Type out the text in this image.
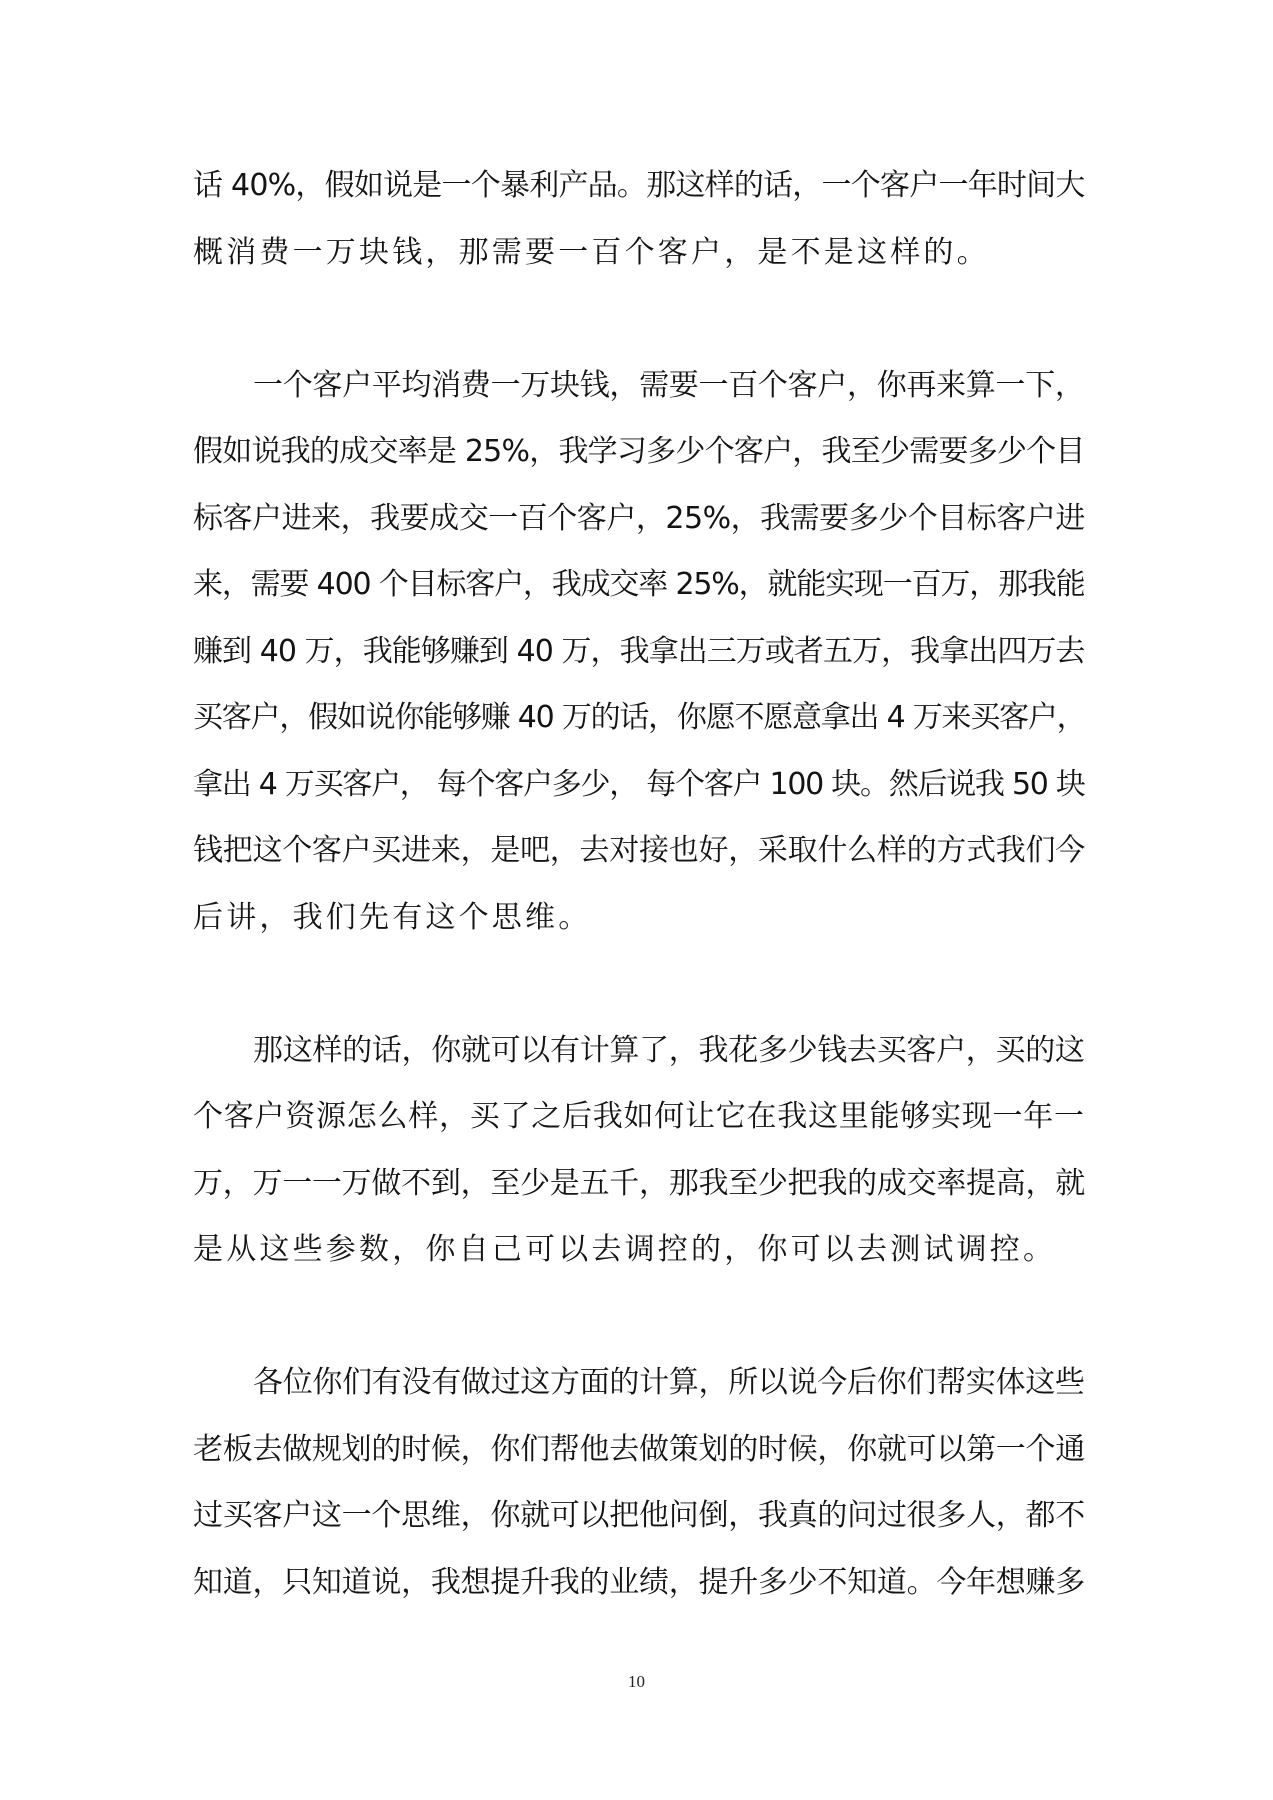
话 40%，假如说是一个暴利产品。那这样的话，一个客户一年时间大
概消费一万块钱，那需要一百个客户，是不是这样的。
一个客户平均消费一万块钱，需要一百个客户，你再来算一下，
假如说我的成交率是 25%，我学习多少个客户，我至少需要多少个目
标客户进来，我要成交一百个客户，25%，我需要多少个目标客户进
来，需要 400 个目标客户，我成交率 25%，就能实现一百万，那我能
赚到 40 万，我能够赚到 40 万，我拿出三万或者五万，我拿出四万去
买客户，假如说你能够赚 40 万的话，你愿不愿意拿出 4 万来买客户，
拿出 4 万买客户， 每个客户多少， 每个客户 100 块。然后说我 50 块
钱把这个客户买进来，是吧，去对接也好，采取什么样的方式我们今
后讲，我们先有这个思维。
那这样的话，你就可以有计算了，我花多少钱去买客户，买的这
个客户资源怎么样，买了之后我如何让它在我这里能够实现一年一
万，万一一万做不到，至少是五千，那我至少把我的成交率提高，就
是从这些参数，你自己可以去调控的，你可以去测试调控。
各位你们有没有做过这方面的计算，所以说今后你们帮实体这些
老板去做规划的时候，你们帮他去做策划的时候，你就可以第一个通
过买客户这一个思维，你就可以把他问倒，我真的问过很多人，都不
知道，只知道说，我想提升我的业绩，提升多少不知道。今年想赚多
10
